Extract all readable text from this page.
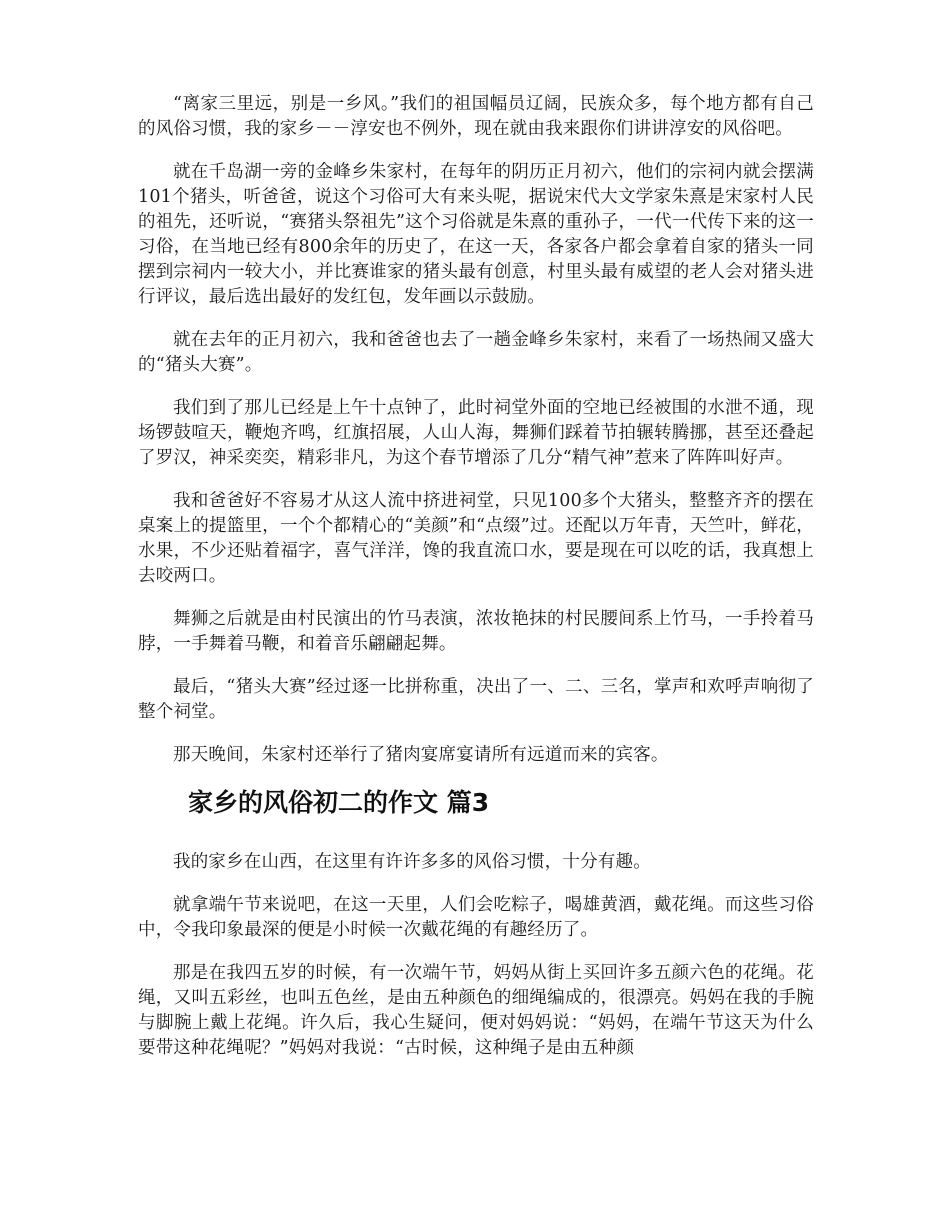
“离家三里远，别是一乡风。”我们的祖国幅员辽阔，民族众多，每个地方都有自己的风俗习惯，我的家乡－－淳安也不例外，现在就由我来跟你们讲讲淳安的风俗吧。

就在千岛湖一旁的金峰乡朱家村，在每年的阴历正月初六，他们的宗祠内就会摆满101个猪头，听爸爸，说这个习俗可大有来头呢，据说宋代大文学家朱熹是宋家村人民的祖先，还听说，“赛猪头祭祖先”这个习俗就是朱熹的重孙子，一代一代传下来的这一习俗，在当地已经有800余年的历史了，在这一天，各家各户都会拿着自家的猪头一同摆到宗祠内一较大小，并比赛谁家的猪头最有创意，村里头最有威望的老人会对猪头进行评议，最后选出最好的发红包，发年画以示鼓励。

就在去年的正月初六，我和爸爸也去了一趟金峰乡朱家村，来看了一场热闹又盛大的“猪头大赛”。

我们到了那儿已经是上午十点钟了，此时祠堂外面的空地已经被围的水泄不通，现场锣鼓喧天，鞭炮齐鸣，红旗招展，人山人海，舞狮们踩着节拍辗转腾挪，甚至还叠起了罗汉，神采奕奕，精彩非凡，为这个春节增添了几分“精气神”惹来了阵阵叫好声。

我和爸爸好不容易才从这人流中挤进祠堂，只见100多个大猪头，整整齐齐的摆在桌案上的提篮里，一个个都精心的“美颜”和“点缀”过。还配以万年青，天竺叶，鲜花，水果，不少还贴着福字，喜气洋洋，馋的我直流口水，要是现在可以吃的话，我真想上去咬两口。

舞狮之后就是由村民演出的竹马表演，浓妆艳抹的村民腰间系上竹马，一手拎着马脖，一手舞着马鞭，和着音乐翩翩起舞。

最后，“猪头大赛”经过逐一比拼称重，决出了一、二、三名，掌声和欢呼声响彻了整个祠堂。

那天晚间，朱家村还举行了猪肉宴席宴请所有远道而来的宾客。

家乡的风俗初二的作文 篇3

我的家乡在山西，在这里有许许多多的风俗习惯，十分有趣。

就拿端午节来说吧，在这一天里，人们会吃粽子，喝雄黄酒，戴花绳。而这些习俗中，令我印象最深的便是小时候一次戴花绳的有趣经历了。

那是在我四五岁的时候，有一次端午节，妈妈从街上买回许多五颜六色的花绳。花绳，又叫五彩丝，也叫五色丝，是由五种颜色的细绳编成的，很漂亮。妈妈在我的手腕与脚腕上戴上花绳。许久后，我心生疑问，便对妈妈说：“妈妈，在端午节这天为什么要带这种花绳呢？”妈妈对我说：“古时候，这种绳子是由五种颜
